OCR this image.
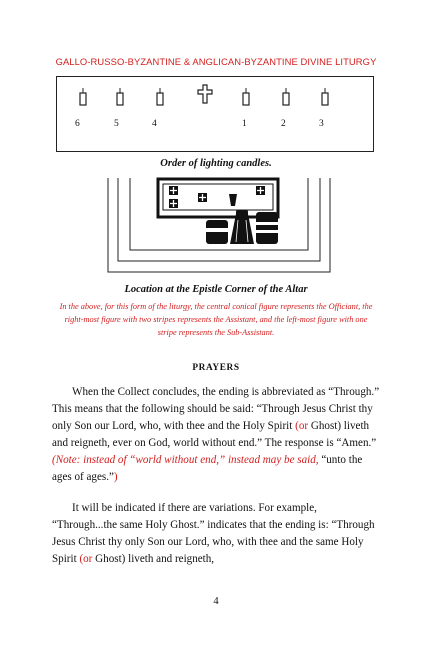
GALLO-RUSSO-BYZANTINE & ANGLICAN-BYZANTINE DIVINE LITURGY
6	5	4	1	2	3
Order of lighting candles.
Location at the Epistle Corner of the Altar
In the above, for this form of the liturgy, the central conical figure represents the Officiant, the right-most figure with two stripes represents the Assistant, and the left-most figure with one stripe represents the Sub-Assistant.
PRAYERS

When the Collect concludes, the ending is abbreviated as “Through.” This means that the following should be said: “Through Jesus Christ thy only Son our Lord, who, with thee and the Holy Spirit (or Ghost) liveth and reigneth, ever on God, world without end.” The response is “Amen.” (Note: instead of “world without end,” instead may be said, “unto the ages of ages.”)

It will be indicated if there are variations. For example, “Through...the same Holy Ghost.” indicates that the ending is: “Through Jesus Christ thy only Son our Lord, who, with thee and the same Holy Spirit (or Ghost) liveth and reigneth,

4
